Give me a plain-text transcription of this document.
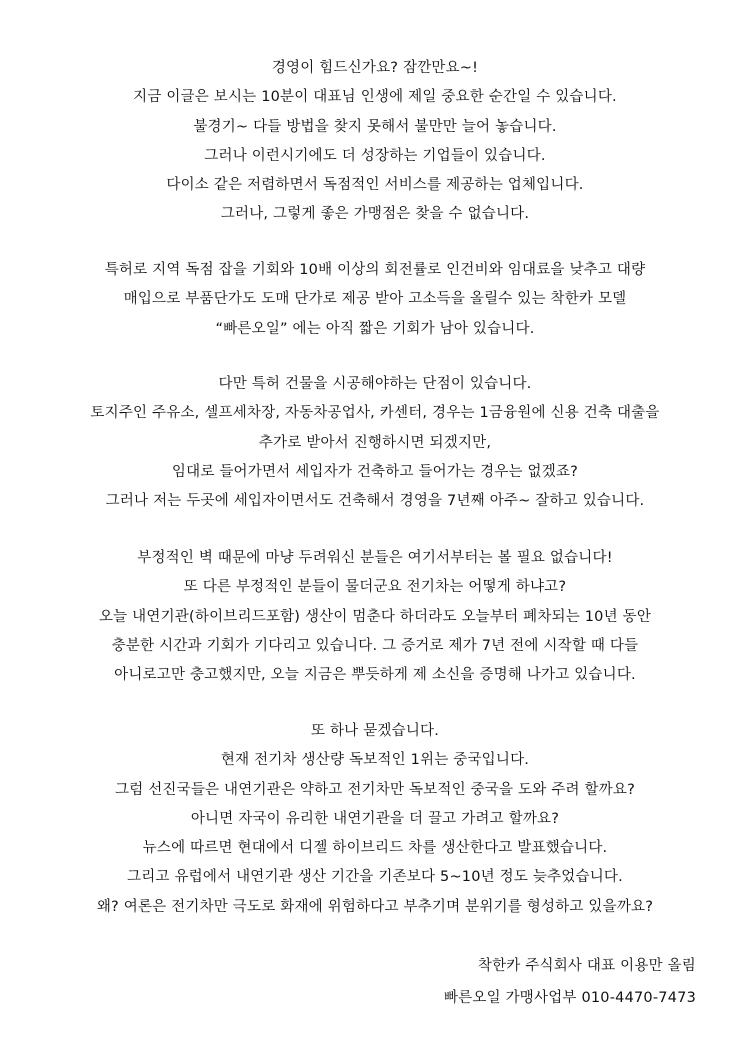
경영이 힘드신가요? 잠깐만요~!
지금 이글은 보시는 10분이 대표님 인생에 제일 중요한 순간일 수 있습니다.
불경기~ 다들 방법을 찾지 못해서 불만만 늘어 놓습니다.
그러나 이런시기에도 더 성장하는 기업들이 있습니다.
다이소 같은 저렴하면서 독점적인 서비스를 제공하는 업체입니다.
그러나, 그렇게 좋은 가맹점은 찾을 수 없습니다.
특허로 지역 독점 잡을 기회와 10배 이상의 회전률로 인건비와 임대료을 낮추고 대량
매입으로 부품단가도 도매 단가로 제공 받아 고소득을 올릴수 있는 착한카 모델
“빠른오일” 에는 아직 짧은 기회가 남아 있습니다.
다만 특허 건물을 시공해야하는 단점이 있습니다.
토지주인 주유소, 셀프세차장, 자동차공업사, 카센터, 경우는 1금융원에 신용 건축 대출을
추가로 받아서 진행하시면 되겠지만,
임대로 들어가면서 세입자가 건축하고 들어가는 경우는 없겠죠?
그러나 저는 두곳에 세입자이면서도 건축해서 경영을 7년째 아주~ 잘하고 있습니다.
부정적인 벽 때문에 마냥 두려워신 분들은 여기서부터는 볼 필요 없습니다!
또 다른 부정적인 분들이 물더군요 전기차는 어떻게 하냐고?
오늘 내연기관(하이브리드포함) 생산이 멈춘다 하더라도 오늘부터 폐차되는 10년 동안
충분한 시간과 기회가 기다리고 있습니다. 그 증거로 제가 7년 전에 시작할 때 다들
아니로고만 충고했지만, 오늘 지금은 뿌듯하게 제 소신을 증명해 나가고 있습니다.
또 하나 묻겠습니다.
현재 전기차 생산량 독보적인 1위는 중국입니다.
그럼 선진국들은 내연기관은 약하고 전기차만 독보적인 중국을 도와 주려 할까요?
아니면 자국이 유리한 내연기관을 더 끌고 가려고 할까요?
뉴스에 따르면 현대에서 디젤 하이브리드 차를 생산한다고 발표했습니다.
그리고 유럽에서 내연기관 생산 기간을 기존보다 5~10년 정도 늦추었습니다.
왜? 여론은 전기차만 극도로 화재에 위험하다고 부추기며 분위기를 형성하고 있을까요?
착한카 주식회사 대표 이용만 올림
빠른오일 가맹사업부 010-4470-7473
